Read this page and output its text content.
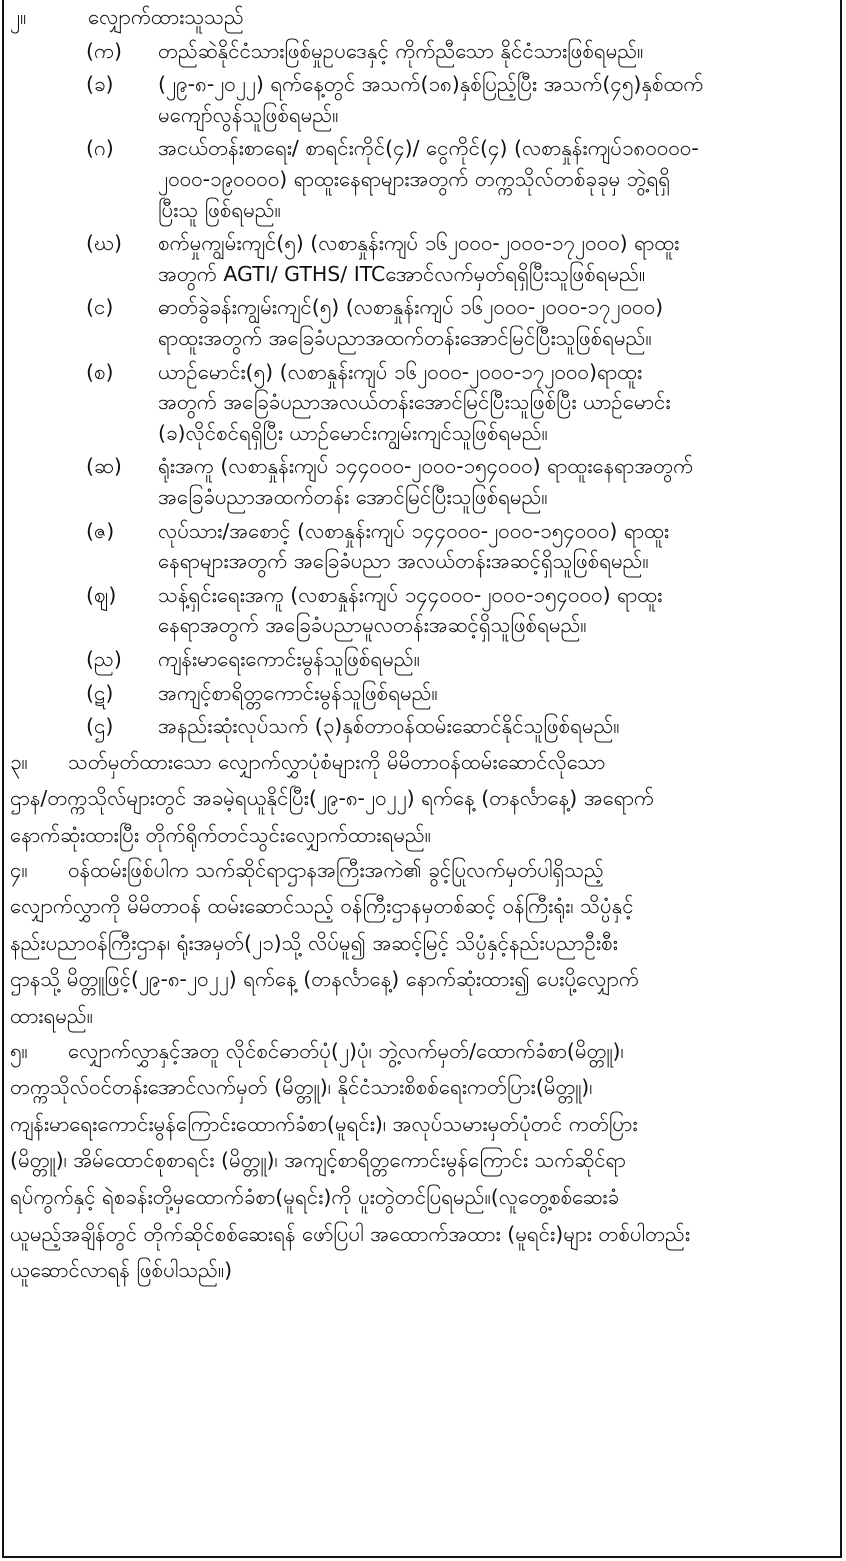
၂။	လျှောက်ထားသူသည်
(က) တည်ဆဲနိုင်ငံသားဖြစ်မှုဥပဒေနှင့် ကိုက်ညီသော နိုင်ငံသားဖြစ်ရမည်။
(ခ) (၂၉-၈-၂၀၂၂) ရက်နေ့တွင် အသက်(၁၈)နှစ်ပြည့်ပြီး အသက်(၄၅)နှစ်ထက်
မကျော်လွန်သူဖြစ်ရမည်။
(ဂ) အငယ်တန်းစာရေး/ စာရင်းကိုင်(၄)/ ငွေကိုင်(၄) (လစာနှုန်းကျပ်၁၈၀၀၀၀-
၂၀၀၀-၁၉၀၀၀၀) ရာထူးနေရာများအတွက် တက္ကသိုလ်တစ်ခုခုမှ ဘွဲ့ရရှိ
ပြီးသူ ဖြစ်ရမည်။
(ဃ) စက်မှုကျွမ်းကျင်(၅) (လစာနှုန်းကျပ် ၁၆၂၀၀၀-၂၀၀၀-၁၇၂၀၀၀) ရာထူး
အတွက် AGTI/ GTHS/ ITCအောင်လက်မှတ်ရရှိပြီးသူဖြစ်ရမည်။
(င) ဓာတ်ခွဲခန်းကျွမ်းကျင်(၅) (လစာနှုန်းကျပ် ၁၆၂၀၀၀-၂၀၀၀-၁၇၂၀၀၀)
ရာထူးအတွက် အခြေခံပညာအထက်တန်းအောင်မြင်ပြီးသူဖြစ်ရမည်။
(စ) ယာဉ်မောင်း(၅) (လစာနှုန်းကျပ် ၁၆၂၀၀၀-၂၀၀၀-၁၇၂၀၀၀)ရာထူး
အတွက် အခြေခံပညာအလယ်တန်းအောင်မြင်ပြီးသူဖြစ်ပြီး ယာဉ်မောင်း
(ခ)လိုင်စင်ရရှိပြီး ယာဉ်မောင်းကျွမ်းကျင်သူဖြစ်ရမည်။
(ဆ) ရုံးအကူ (လစာနှုန်းကျပ် ၁၄၄၀၀၀-၂၀၀၀-၁၅၄၀၀၀) ရာထူးနေရာအတွက်
အခြေခံပညာအထက်တန်း အောင်မြင်ပြီးသူဖြစ်ရမည်။
(ဇ) လုပ်သား/အစောင့် (လစာနှုန်းကျပ် ၁၄၄၀၀၀-၂၀၀၀-၁၅၄၀၀၀) ရာထူး
နေရာများအတွက် အခြေခံပညာ အလယ်တန်းအဆင့်ရှိသူဖြစ်ရမည်။
(ဈ) သန့်ရှင်းရေးအကူ (လစာနှုန်းကျပ် ၁၄၄၀၀၀-၂၀၀၀-၁၅၄၀၀၀) ရာထူး
နေရာအတွက် အခြေခံပညာမူလတန်းအဆင့်ရှိသူဖြစ်ရမည်။
(ည) ကျန်းမာရေးကောင်းမွန်သူဖြစ်ရမည်။
(ဋ) အကျင့်စာရိတ္တကောင်းမွန်သူဖြစ်ရမည်။
(ဌ) အနည်းဆုံးလုပ်သက် (၃)နှစ်တာဝန်ထမ်းဆောင်နိုင်သူဖြစ်ရမည်။
၃။ သတ်မှတ်ထားသော လျှောက်လွှာပုံစံများကို မိမိတာဝန်ထမ်းဆောင်လိုသော
ဌာန/တက္ကသိုလ်များတွင် အခမဲ့ရယူနိုင်ပြီး(၂၉-၈-၂၀၂၂) ရက်နေ့ (တနင်္လာနေ့) အရောက်
နောက်ဆုံးထားပြီး တိုက်ရိုက်တင်သွင်းလျှောက်ထားရမည်။
၄။ ဝန်ထမ်းဖြစ်ပါက သက်ဆိုင်ရာဌာနအကြီးအကဲ၏ ခွင့်ပြုလက်မှတ်ပါရှိသည့်
လျှောက်လွှာကို မိမိတာဝန် ထမ်းဆောင်သည့် ဝန်ကြီးဌာနမှတစ်ဆင့် ဝန်ကြီးရုံး၊ သိပ္ပံနှင့်
နည်းပညာဝန်ကြီးဌာန၊ ရုံးအမှတ်(၂၁)သို့ လိပ်မူ၍ အဆင့်မြင့် သိပ္ပံနှင့်နည်းပညာဦးစီး
ဌာနသို့ မိတ္တူဖြင့်(၂၉-၈-၂၀၂၂) ရက်နေ့ (တနင်္လာနေ့) နောက်ဆုံးထား၍ ပေးပို့လျှောက်
ထားရမည်။
၅။ လျှောက်လွှာနှင့်အတူ လိုင်စင်ဓာတ်ပုံ(၂)ပုံ၊ ဘွဲ့လက်မှတ်/ထောက်ခံစာ(မိတ္တူ)၊
တက္ကသိုလ်ဝင်တန်းအောင်လက်မှတ် (မိတ္တူ)၊ နိုင်ငံသားစိစစ်ရေးကတ်ပြား(မိတ္တူ)၊
ကျန်းမာရေးကောင်းမွန်ကြောင်းထောက်ခံစာ(မူရင်း)၊ အလုပ်သမားမှတ်ပုံတင် ကတ်ပြား
(မိတ္တူ)၊ အိမ်ထောင်စုစာရင်း (မိတ္တူ)၊ အကျင့်စာရိတ္တကောင်းမွန်ကြောင်း သက်ဆိုင်ရာ
ရပ်ကွက်နှင့် ရဲစခန်းတို့မှထောက်ခံစာ(မူရင်း)ကို ပူးတွဲတင်ပြရမည်။(လူတွေ့စစ်ဆေးခံ
ယူမည့်အချိန်တွင် တိုက်ဆိုင်စစ်ဆေးရန် ဖော်ပြပါ အထောက်အထား (မူရင်း)များ တစ်ပါတည်း
ယူဆောင်လာရန် ဖြစ်ပါသည်။)
